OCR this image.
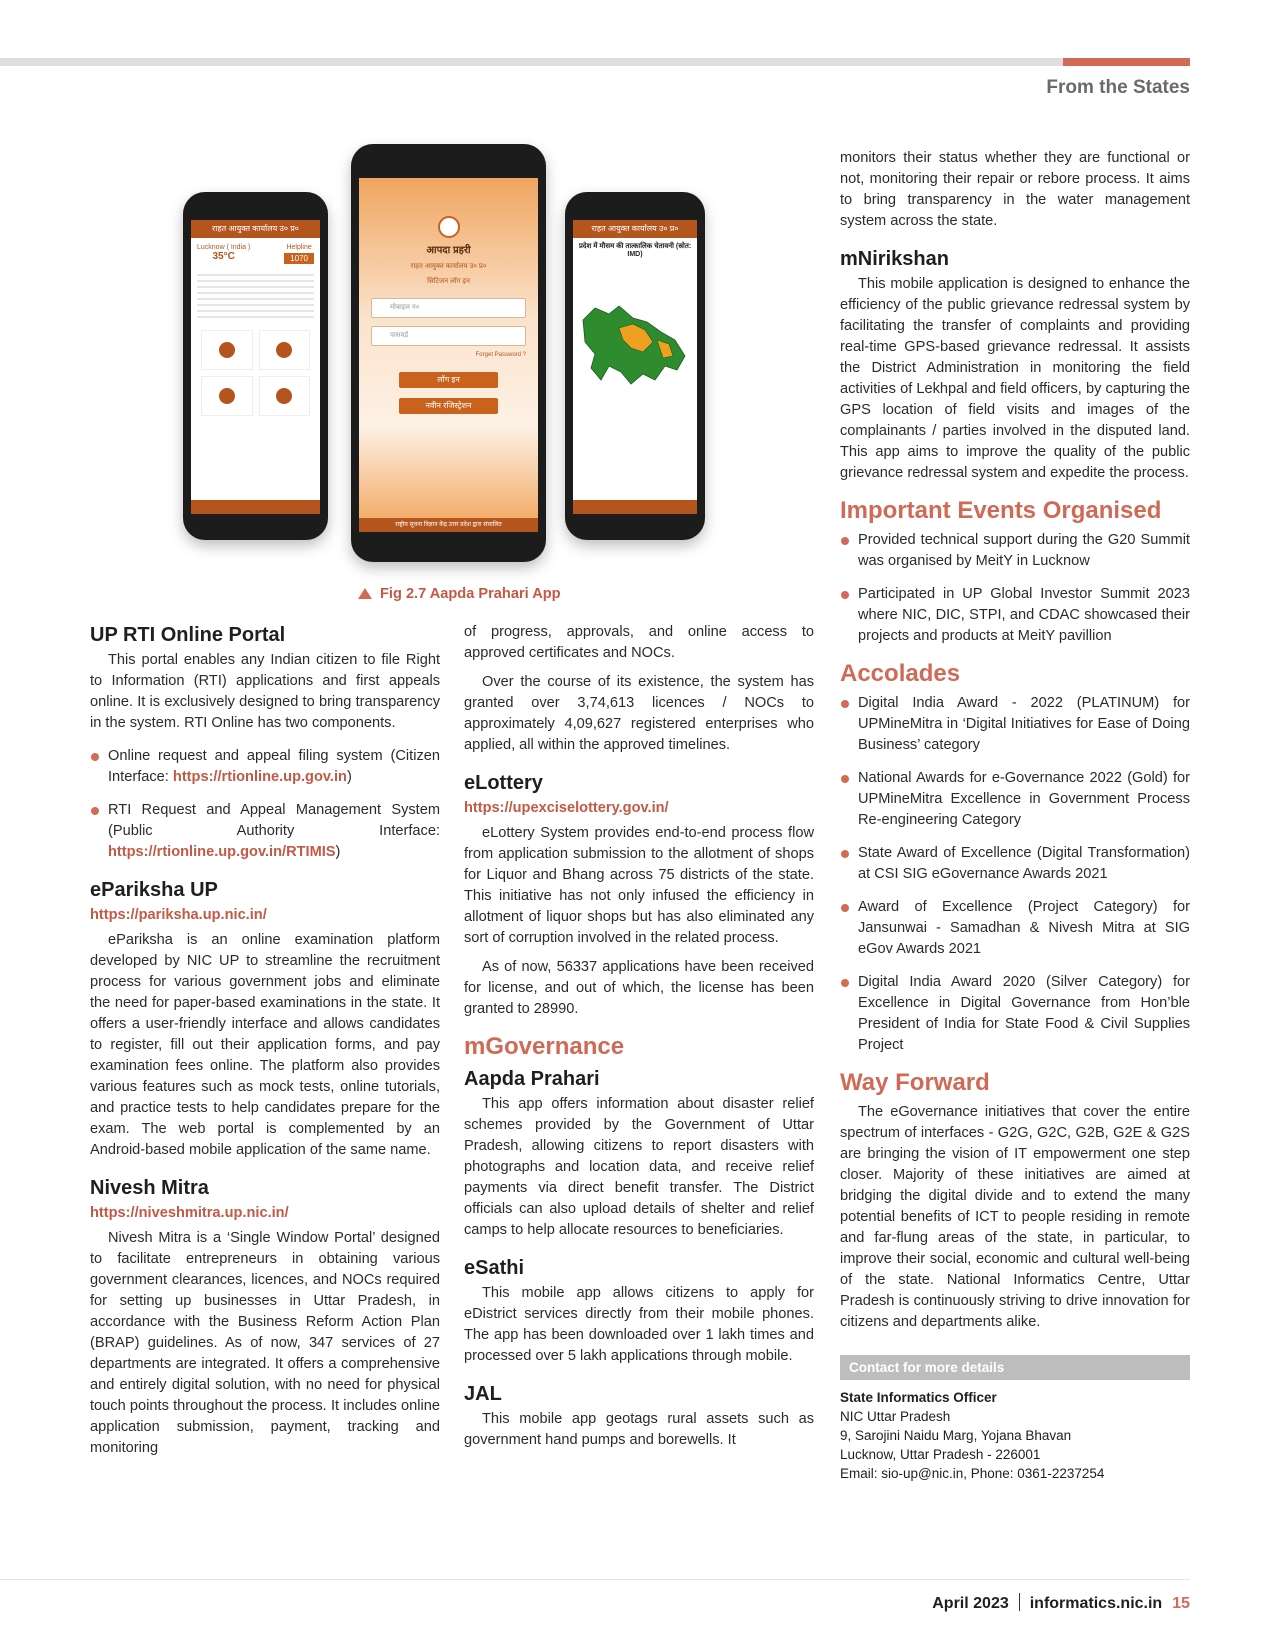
From the States
राहत आयुक्त कार्यालय उ० प्र०
Lucknow ( India )
35°C
Helpline
1070
आपदा प्रहरी
राहत आयुक्त कार्यालय उ० प्र०
सिटिजन लॉग इन
मोबाइल न०
पासवर्ड
Forget Password ?
लॉग इन
नवीन रजिस्ट्रेशन
राष्ट्रीय सूचना विज्ञान केंद्र उत्तर प्रदेश द्वारा संचालित
राहत आयुक्त कार्यालय उ० प्र०
प्रदेश में मौसम की तात्कालिक चेतावनी (स्रोत: IMD)
Fig 2.7 Aapda Prahari App
UP RTI Online Portal

This portal enables any Indian citizen to file Right to Information (RTI) applications and first appeals online. It is exclusively designed to bring transparency in the system. RTI Online has two components.

Online request and appeal filing system (Citizen Interface: https://rtionline.up.gov.in)
RTI Request and Appeal Management System (Public Authority Interface: https://rtionline.up.gov.in/RTIMIS)
ePariksha UP
https://pariksha.up.nic.in/

ePariksha is an online examination platform developed by NIC UP to streamline the recruitment process for various government jobs and eliminate the need for paper-based examinations in the state. It offers a user-friendly interface and allows candidates to register, fill out their application forms, and pay examination fees online. The platform also provides various features such as mock tests, online tutorials, and practice tests to help candidates prepare for the exam. The web portal is complemented by an Android-based mobile application of the same name.

Nivesh Mitra
https://niveshmitra.up.nic.in/

Nivesh Mitra is a ‘Single Window Portal’ designed to facilitate entrepreneurs in obtaining various government clearances, licences, and NOCs required for setting up businesses in Uttar Pradesh, in accordance with the Business Reform Action Plan (BRAP) guidelines. As of now, 347 services of 27 departments are integrated. It offers a comprehensive and entirely digital solution, with no need for physical touch points throughout the process. It includes online application submission, payment, tracking and monitoring

of progress, approvals, and online access to approved certificates and NOCs.

Over the course of its existence, the system has granted over 3,74,613 licences / NOCs to approximately 4,09,627 registered enterprises who applied, all within the approved timelines.

eLottery
https://upexciselottery.gov.in/

eLottery System provides end-to-end process flow from application submission to the allotment of shops for Liquor and Bhang across 75 districts of the state. This initiative has not only infused the efficiency in allotment of liquor shops but has also eliminated any sort of corruption involved in the related process.

As of now, 56337 applications have been received for license, and out of which, the license has been granted to 28990.

mGovernance
Aapda Prahari

This app offers information about disaster relief schemes provided by the Government of Uttar Pradesh, allowing citizens to report disasters with photographs and location data, and receive relief payments via direct benefit transfer. The District officials can also upload details of shelter and relief camps to help allocate resources to beneficiaries.

eSathi

This mobile app allows citizens to apply for eDistrict services directly from their mobile phones. The app has been downloaded over 1 lakh times and processed over 5 lakh applications through mobile.

JAL

This mobile app geotags rural assets such as government hand pumps and borewells. It

monitors their status whether they are functional or not, monitoring their repair or rebore process. It aims to bring transparency in the water management system across the state.

mNirikshan

This mobile application is designed to enhance the efficiency of the public grievance redressal system by facilitating the transfer of complaints and providing real-time GPS-based grievance redressal. It assists the District Administration in monitoring the field activities of Lekhpal and field officers, by capturing the GPS location of field visits and images of the complainants / parties involved in the disputed land. This app aims to improve the quality of the public grievance redressal system and expedite the process.

Important Events Organised
Provided technical support during the G20 Summit was organised by MeitY in Lucknow
Participated in UP Global Investor Summit 2023 where NIC, DIC, STPI, and CDAC showcased their projects and products at MeitY pavillion
Accolades
Digital India Award - 2022 (PLATINUM) for UPMineMitra in ‘Digital Initiatives for Ease of Doing Business’ category
National Awards for e-Governance 2022 (Gold) for UPMineMitra Excellence in Government Process Re-engineering Category
State Award of Excellence (Digital Transformation) at CSI SIG eGovernance Awards 2021
Award of Excellence (Project Category) for Jansunwai - Samadhan & Nivesh Mitra at SIG eGov Awards 2021
Digital India Award 2020 (Silver Category) for Excellence in Digital Governance from Hon’ble President of India for State Food & Civil Supplies Project
Way Forward

The eGovernance initiatives that cover the entire spectrum of interfaces - G2G, G2C, G2B, G2E & G2S are bringing the vision of IT empowerment one step closer. Majority of these initiatives are aimed at bridging the digital divide and to extend the many potential benefits of ICT to people residing in remote and far-flung areas of the state, in particular, to improve their social, economic and cultural well-being of the state. National Informatics Centre, Uttar Pradesh is continuously striving to drive innovation for citizens and departments alike.

Contact for more details
State Informatics Officer
NIC Uttar Pradesh
9, Sarojini Naidu Marg, Yojana Bhavan
Lucknow, Uttar Pradesh - 226001
Email: sio-up@nic.in, Phone: 0361-2237254
April 2023 informatics.nic.in 15
